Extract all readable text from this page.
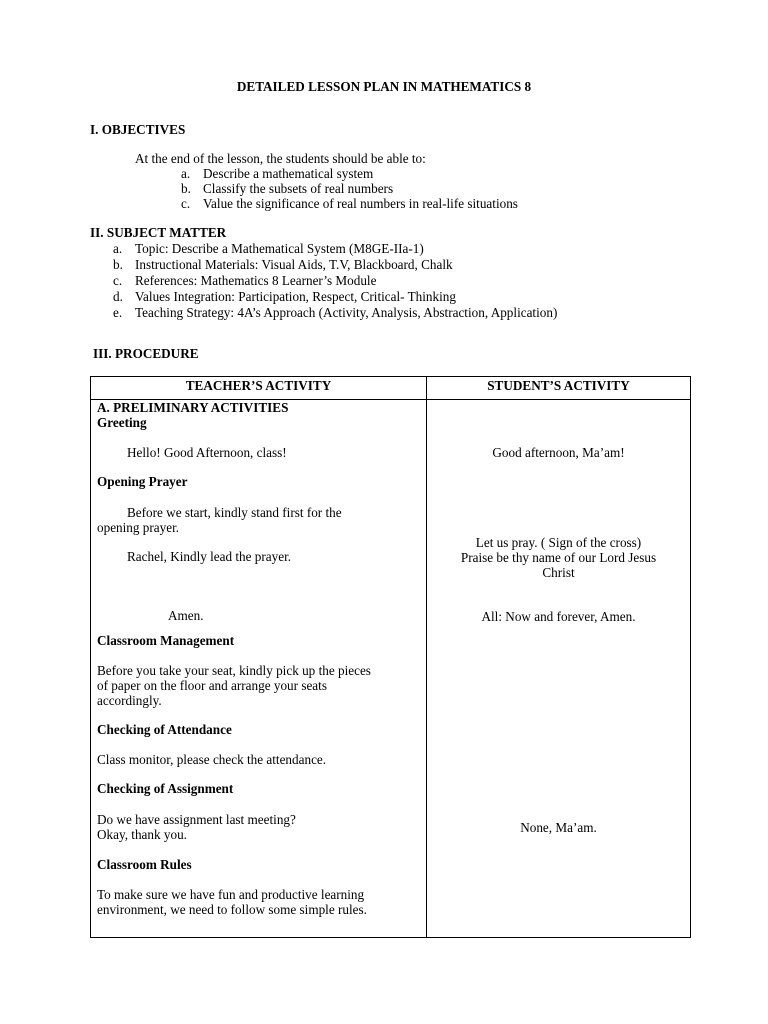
DETAILED LESSON PLAN IN MATHEMATICS 8
I. OBJECTIVES
At the end of the lesson, the students should be able to:
a. Describe a mathematical system
b. Classify the subsets of real numbers
c. Value the significance of real numbers in real-life situations
II. SUBJECT MATTER
a. Topic: Describe a Mathematical System (M8GE-IIa-1)
b. Instructional Materials: Visual Aids, T.V, Blackboard, Chalk
c. References: Mathematics 8 Learner’s Module
d. Values Integration: Participation, Respect, Critical- Thinking
e. Teaching Strategy: 4A’s Approach (Activity, Analysis, Abstraction, Application)
III. PROCEDURE
TEACHER’S ACTIVITY	STUDENT’S ACTIVITY
A. PRELIMINARY ACTIVITIES
Greeting
Hello! Good Afternoon, class!
Opening Prayer
Before we start, kindly stand first for the
opening prayer.
Rachel, Kindly lead the prayer.
Amen.
Classroom Management
Before you take your seat, kindly pick up the pieces
of paper on the floor and arrange your seats
accordingly.
Checking of Attendance
Class monitor, please check the attendance.
Checking of Assignment
Do we have assignment last meeting?
Okay, thank you.
Classroom Rules
To make sure we have fun and productive learning
environment, we need to follow some simple rules.
Good afternoon, Ma’am!
Let us pray. ( Sign of the cross)
Praise be thy name of our Lord Jesus
Christ
All: Now and forever, Amen.
None, Ma’am.
